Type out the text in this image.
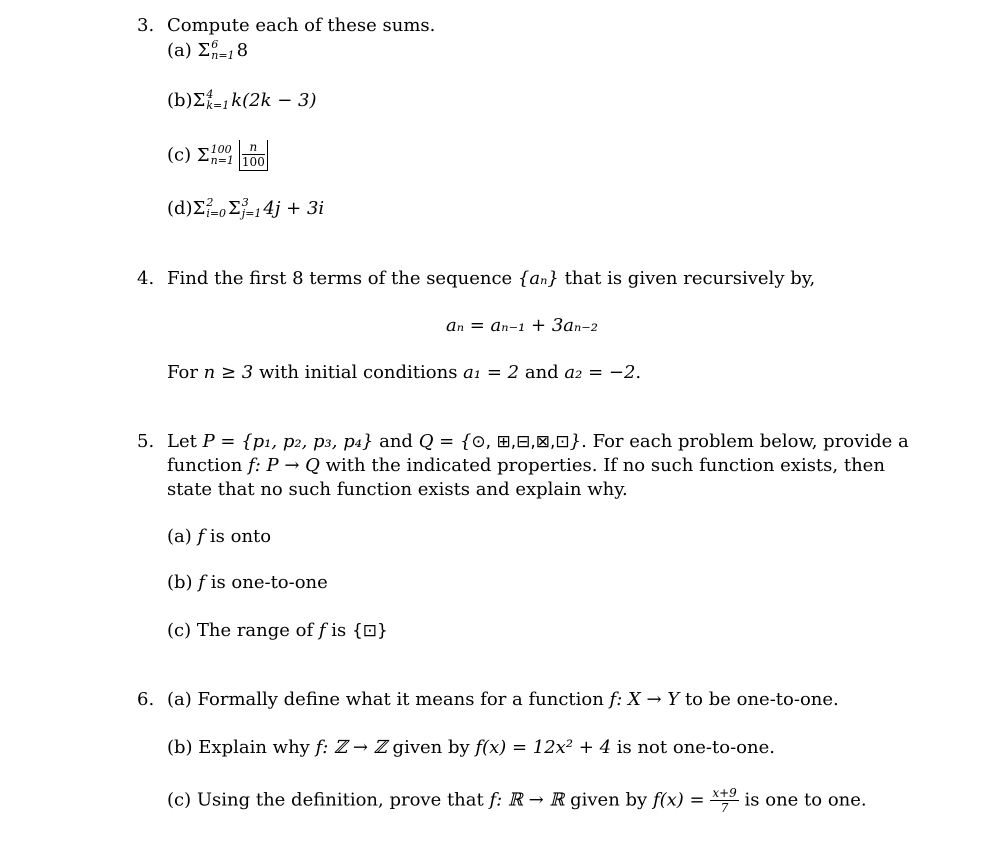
3. Compute each of these sums.
(a) Σ 6
n=1 8
(b)Σ 4
k=1 k(2k − 3)
(c) Σ 100
$n=1 \frac{n}{100}$
(d)Σ 2
i=0 Σ 3
j=1 4j + 3i
4. Find the first 8 terms of the sequence {aₙ} that is given recursively by,
aₙ = aₙ₋₁ + 3aₙ₋₂
For n ≥ 3 with initial conditions a₁ = 2 and a₂ = −2.
5. Let P = {p₁, p₂, p₃, p₄} and Q = {⊙, ⊞,⊟,⊠,⊡}. For each problem below, provide a
function f: P → Q with the indicated properties. If no such function exists, then
state that no such function exists and explain why.
(a) f is onto
(b) f is one-to-one
(c) The range of f is {⊡}
6. (a) Formally define what it means for a function f: X → Y to be one-to-one.
(b) Explain why f: ℤ → ℤ given by f(x) = 12x² + 4 is not one-to-one.
(c) Using the definition, prove that f: ℝ → ℝ given by $f(x) = \frac{x+9}{7}$ is one to one.
